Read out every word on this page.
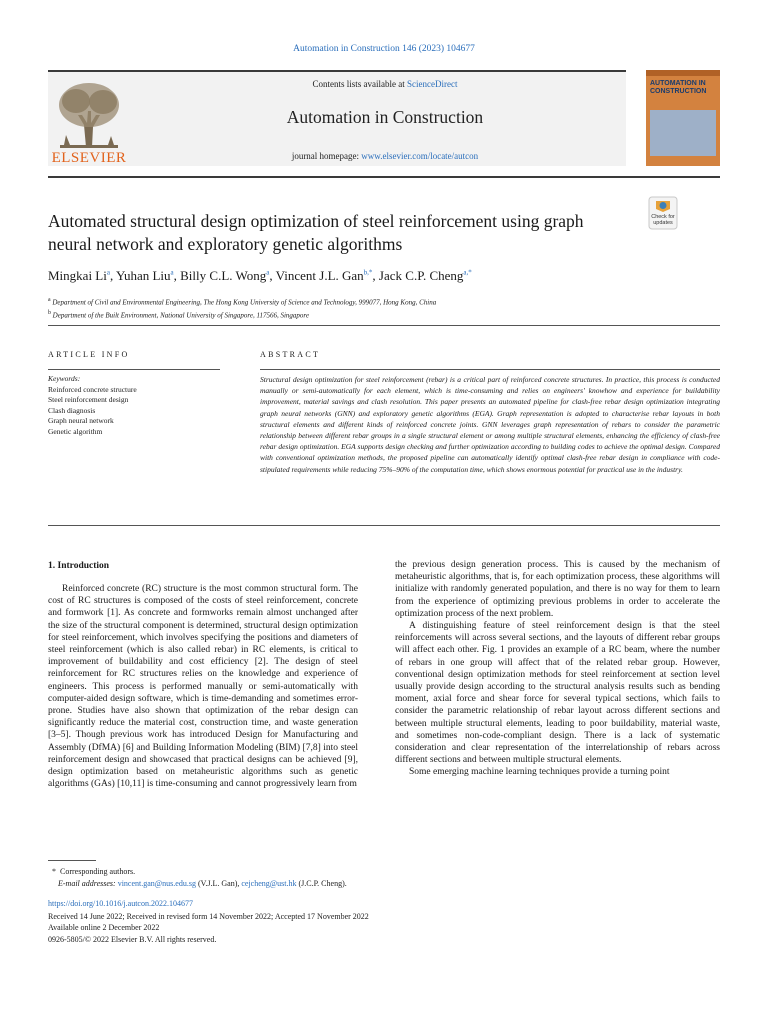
Automation in Construction 146 (2023) 104677
ELSEVIER
Contents lists available at ScienceDirect
Automation in Construction
journal homepage: www.elsevier.com/locate/autcon
AUTOMATION IN CONSTRUCTION
Automated structural design optimization of steel reinforcement using graph neural network and exploratory genetic algorithms
Check for updates
Mingkai Li$^a$, Yuhan Liu$^a$, Billy C.L. Wong$^a$, Vincent J.L. Gan$^{b,*}$, Jack C.P. Cheng$^{a,*}$
$^a$ Department of Civil and Environmental Engineering, The Hong Kong University of Science and Technology, 999077, Hong Kong, China
$^b$ Department of the Built Environment, National University of Singapore, 117566, Singapore
ARTICLE INFO	ABSTRACT
Keywords:
Reinforced concrete structure
Steel reinforcement design
Clash diagnosis
Graph neural network
Genetic algorithm
Structural design optimization for steel reinforcement (rebar) is a critical part of reinforced concrete structures. In practice, this process is conducted manually or semi-automatically for each element, which is time-consuming and relies on engineers' knowhow and experience for buildability improvement, material savings and clash resolution. This paper presents an automated pipeline for clash-free rebar design optimization integrating graph neural networks (GNN) and exploratory genetic algorithms (EGA). Graph representation is adopted to characterise rebar layouts in both structural elements and different kinds of reinforced concrete joints. GNN leverages graph representation of rebars to consider the parametric relationship between different rebar groups in a single structural element or among multiple structural elements, enhancing the efficiency of clash-free rebar design optimization. EGA supports design checking and further optimization according to building codes to achieve the optimal design. Compared with conventional optimization methods, the proposed pipeline can automatically identify optimal clash-free rebar design in compliance with code-stipulated requirements while reducing 75%–90% of the computation time, which shows enormous potential for practical use in the industry.
1. Introduction

Reinforced concrete (RC) structure is the most common structural form. The cost of RC structures is composed of the costs of steel reinforcement, concrete and formwork [1]. As concrete and formworks remain almost unchanged after the size of the structural component is determined, structural design optimization for steel reinforcement, which involves specifying the positions and diameters of steel reinforcement (which is also called rebar) in RC elements, is critical to improvement of buildability and cost efficiency [2]. The design of steel reinforcement for RC structures relies on the knowledge and experience of engineers. This process is performed manually or semi-automatically with computer-aided design software, which is time-demanding and sometimes error-prone. Studies have also shown that optimization of the rebar design can significantly reduce the material cost, construction time, and waste generation [3–5]. Though previous work has introduced Design for Manufacturing and Assembly (DfMA) [6] and Building Information Modeling (BIM) [7,8] into steel reinforcement design and showcased that practical designs can be achieved [9], design optimization based on metaheuristic algorithms such as genetic algorithms (GAs) [10,11] is time-consuming and cannot progressively learn from

the previous design generation process. This is caused by the mechanism of metaheuristic algorithms, that is, for each optimization process, these algorithms will initialize with randomly generated population, and there is no way for them to learn from the experience of optimizing previous problems in order to accelerate the optimization process of the next problem.

A distinguishing feature of steel reinforcement design is that the steel reinforcements will across several sections, and the layouts of different rebar groups will affect each other. Fig. 1 provides an example of a RC beam, where the number of rebars in one group will affect that of the related rebar group. However, conventional design optimization methods for steel reinforcement at section level usually provide design according to the structural analysis results such as bending moment, axial force and shear force for several typical sections, which fails to consider the parametric relationship of rebar layout across different sections and between multiple structural elements, leading to poor buildability, material waste, and sometimes non-code-compliant design. There is a lack of systematic consideration and clear representation of the interrelationship of rebars across different sections and between multiple structural elements.

Some emerging machine learning techniques provide a turning point

*  Corresponding authors.
E-mail addresses: vincent.gan@nus.edu.sg (V.J.L. Gan), cejcheng@ust.hk (J.C.P. Cheng).
https://doi.org/10.1016/j.autcon.2022.104677
Received 14 June 2022; Received in revised form 14 November 2022; Accepted 17 November 2022
Available online 2 December 2022
0926-5805/© 2022 Elsevier B.V. All rights reserved.
